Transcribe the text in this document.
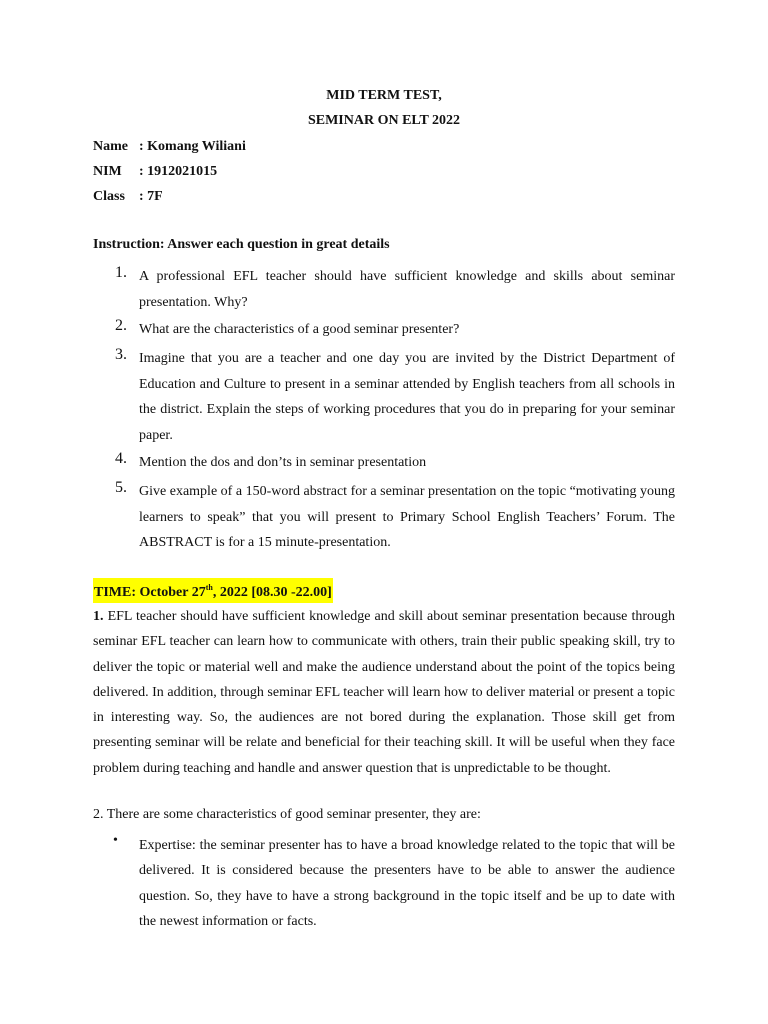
MID TERM TEST,
SEMINAR ON ELT 2022
Name : Komang Wiliani
NIM : 1912021015
Class : 7F
Instruction: Answer each question in great details
1. A professional EFL teacher should have sufficient knowledge and skills about seminar presentation. Why?
2. What are the characteristics of a good seminar presenter?
3. Imagine that you are a teacher and one day you are invited by the District Department of Education and Culture to present in a seminar attended by English teachers from all schools in the district. Explain the steps of working procedures that you do in preparing for your seminar paper.
4. Mention the dos and don’ts in seminar presentation
5. Give example of a 150-word abstract for a seminar presentation on the topic “motivating young learners to speak” that you will present to Primary School English Teachers’ Forum. The ABSTRACT is for a 15 minute-presentation.
TIME: October 27th, 2022 [08.30 -22.00]
1. EFL teacher should have sufficient knowledge and skill about seminar presentation because through seminar EFL teacher can learn how to communicate with others, train their public speaking skill, try to deliver the topic or material well and make the audience understand about the point of the topics being delivered. In addition, through seminar EFL teacher will learn how to deliver material or present a topic in interesting way. So, the audiences are not bored during the explanation. Those skill get from presenting seminar will be relate and beneficial for their teaching skill. It will be useful when they face problem during teaching and handle and answer question that is unpredictable to be thought.
2. There are some characteristics of good seminar presenter, they are:
• Expertise: the seminar presenter has to have a broad knowledge related to the topic that will be delivered. It is considered because the presenters have to be able to answer the audience question. So, they have to have a strong background in the topic itself and be up to date with the newest information or facts.
